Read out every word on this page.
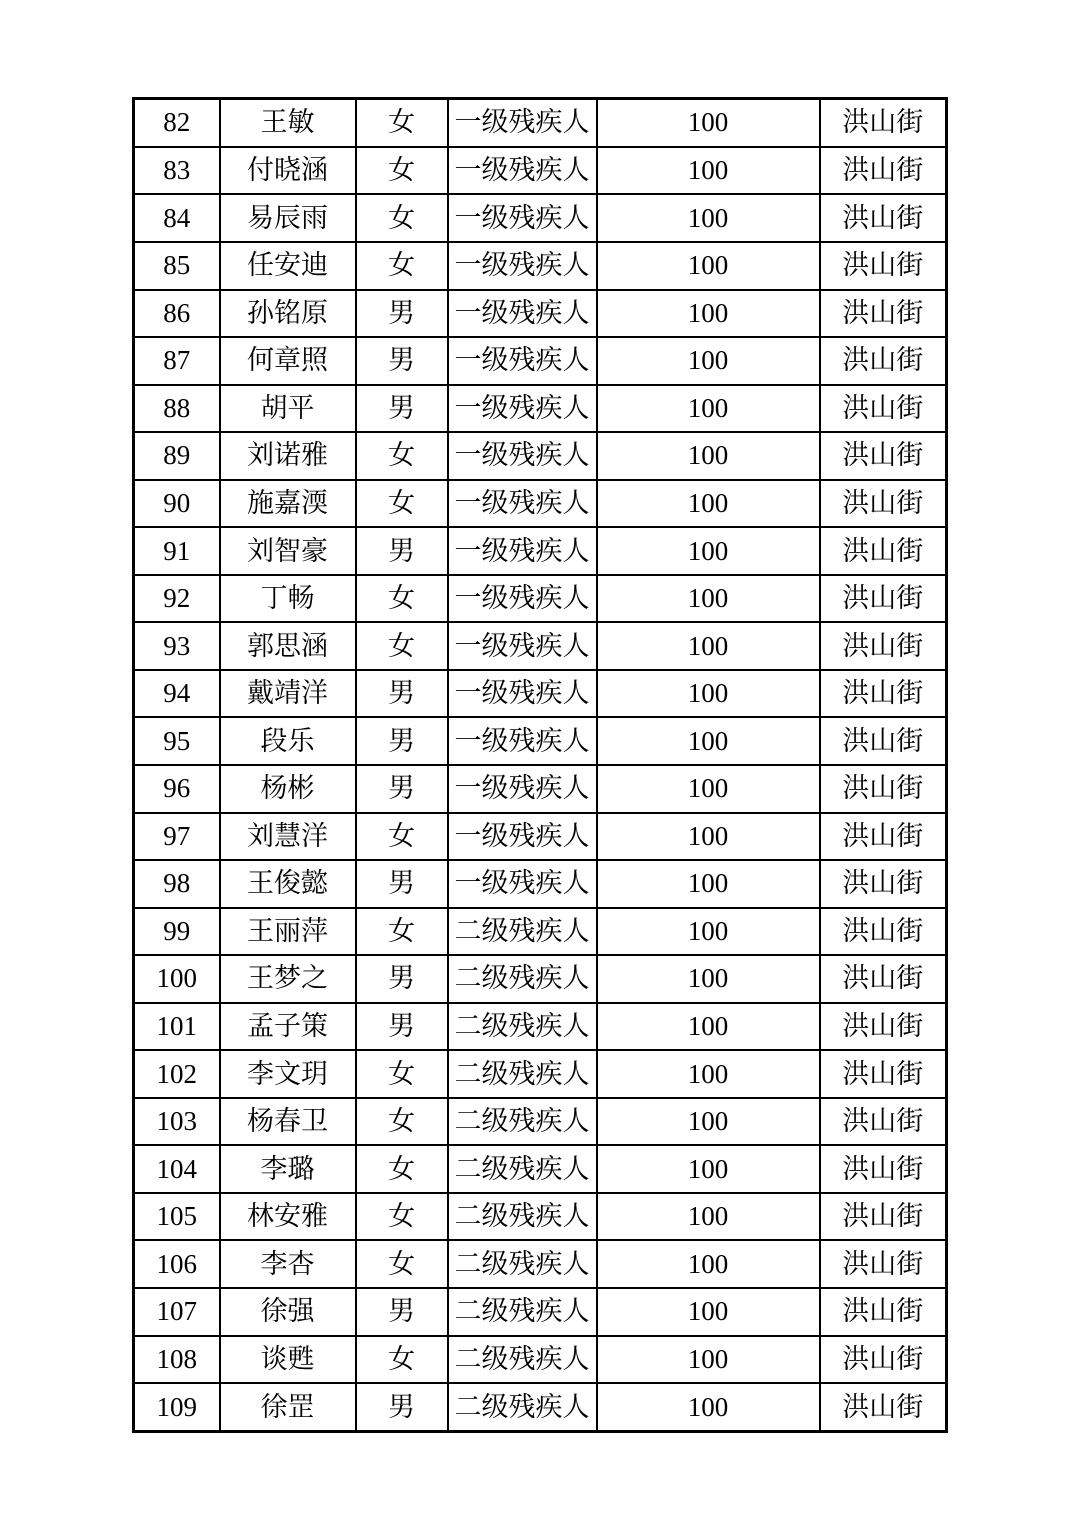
82	王敏	女	一级残疾人	100	洪山街
83	付晓涵	女	一级残疾人	100	洪山街
84	易辰雨	女	一级残疾人	100	洪山街
85	任安迪	女	一级残疾人	100	洪山街
86	孙铭原	男	一级残疾人	100	洪山街
87	何章照	男	一级残疾人	100	洪山街
88	胡平	男	一级残疾人	100	洪山街
89	刘诺雅	女	一级残疾人	100	洪山街
90	施嘉渜	女	一级残疾人	100	洪山街
91	刘智豪	男	一级残疾人	100	洪山街
92	丁畅	女	一级残疾人	100	洪山街
93	郭思涵	女	一级残疾人	100	洪山街
94	戴靖洋	男	一级残疾人	100	洪山街
95	段乐	男	一级残疾人	100	洪山街
96	杨彬	男	一级残疾人	100	洪山街
97	刘慧洋	女	一级残疾人	100	洪山街
98	王俊懿	男	一级残疾人	100	洪山街
99	王丽萍	女	二级残疾人	100	洪山街
100	王梦之	男	二级残疾人	100	洪山街
101	孟子策	男	二级残疾人	100	洪山街
102	李文玥	女	二级残疾人	100	洪山街
103	杨春卫	女	二级残疾人	100	洪山街
104	李璐	女	二级残疾人	100	洪山街
105	林安雅	女	二级残疾人	100	洪山街
106	李杏	女	二级残疾人	100	洪山街
107	徐强	男	二级残疾人	100	洪山街
108	谈甦	女	二级残疾人	100	洪山街
109	徐罡	男	二级残疾人	100	洪山街
